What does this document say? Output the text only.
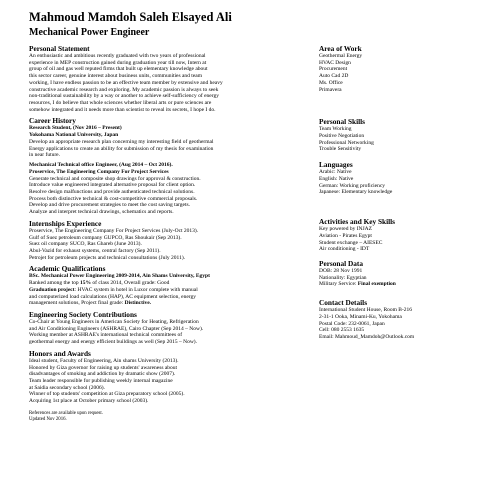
Mahmoud Mamdoh Saleh Elsayed Ali
Mechanical Power Engineer
Personal Statement
An enthusiastic and ambitious recently graduated with two years of professional
experience in MEP construction gained during graduation year till now, Intern at
group of oil and gas well reputed firms that built up elementary knowledge about
this sector career, genuine interest about business units, communities and team
working, I have endless passion to be an effective team member by extensive and heavy
constructive academic research and exploring. My academic passion is always to seek
non-traditional sustainability by a way or another to achieve self-sufficiency of energy
resources, I do believe that whole sciences whether liberal arts or pure sciences are
somehow integrated and it needs more than scientist to reveal its secrets, I hope I do.
Career History
Research Student, (Nov 2016 – Present)
Yokohama National University, Japan
Develop an appropriate research plan concerning my interesting field of geothermal
Energy applications to create an ability for submission of my thesis for examination
in near future.
Mechanical Technical office Engineer, (Aug 2014 – Oct 2016).
Proservice, The Engineering Company For Project Services
Generate technical and composite shop drawings for approval & construction.
Introduce value engineered integrated alternative proposal for client option.
Resolve design malfunctions and provide authenticated technical solutions.
Process both distinctive technical & cost-competitive commercial proposals.
Develop and drive procurement strategies to meet the cost saving targets.
Analyze and interpret technical drawings, schematics and reports.
Internships Experience
Proservice, The Engineering Company For Project Services (July-Oct 2013).
Gulf of Suez petroleum company GUPCO, Ras Shoukair (Sep 2013).
Suez oil company SUCO, Ras Ghareb (June 2013).
Abul-Vazid for exhaust systems, central factory (Sep 2011).
Petrojet for petroleum projects and technical consultations (July 2011).
Academic Qualifications
BSc. Mechanical Power Engineering 2009-2014, Ain Shams University, Egypt
Ranked among the top 15% of class 2014, Overall grade: Good
Graduation project: HVAC system in hotel in Luxor complete with manual
and computerized load calculations (HAP), AC equipment selection, energy
management solutions, Project final grade: Distinctive.
Engineering Society Contributions
Co-Chair at Young Engineers in American Society for Heating, Refrigeration
and Air Conditioning Engineers (ASHRAE), Cairo Chapter (Sep 2014 – Now).
Working member at ASHRAE's international technical committees of
geothermal energy and energy efficient buildings as well (Sep 2015 – Now).
Honors and Awards
Ideal student, Faculty of Engineering, Ain shams University (2013).
Honored by Giza governor for raising up students' awareness about
disadvantages of smoking and addiction by dramatic show (2007).
Team leader responsible for publishing weekly internal magazine
at Saidia secondary school (2006).
Winner of top students' competition at Giza preparatory school (2005).
Acquiring 1st place at October primary school (2003).
References are available upon request.
Updated Nov 2016.
Area of Work
Geothermal Energy
HVAC Design
Procurement
Auto Cad 2D
Ms. Office
Primavera
Personal Skills
Team Working
Positive Negotiation
Professional Networking
Trouble Sensitivity
Languages
Arabic: Native
English: Native
German: Working proficiency
Japanese: Elementary knowledge
Activities and Key Skills
Key powered by INJAZ
Aviation - Pirates Egypt
Student exchange – AIESEC
Air conditioning - IDT
Personal Data
DOB: 28 Nov 1991
Nationality: Egyptian
Military Service: Final exemption
Contact Details
International Student House, Room B-216
2-31-1 Ooka, Minami-Ku, Yokohama
Postal Code: 232-0061, Japan
Cell: 080 2553 1635
Email: Mahmoud_Mamdoh@Outlook.com
